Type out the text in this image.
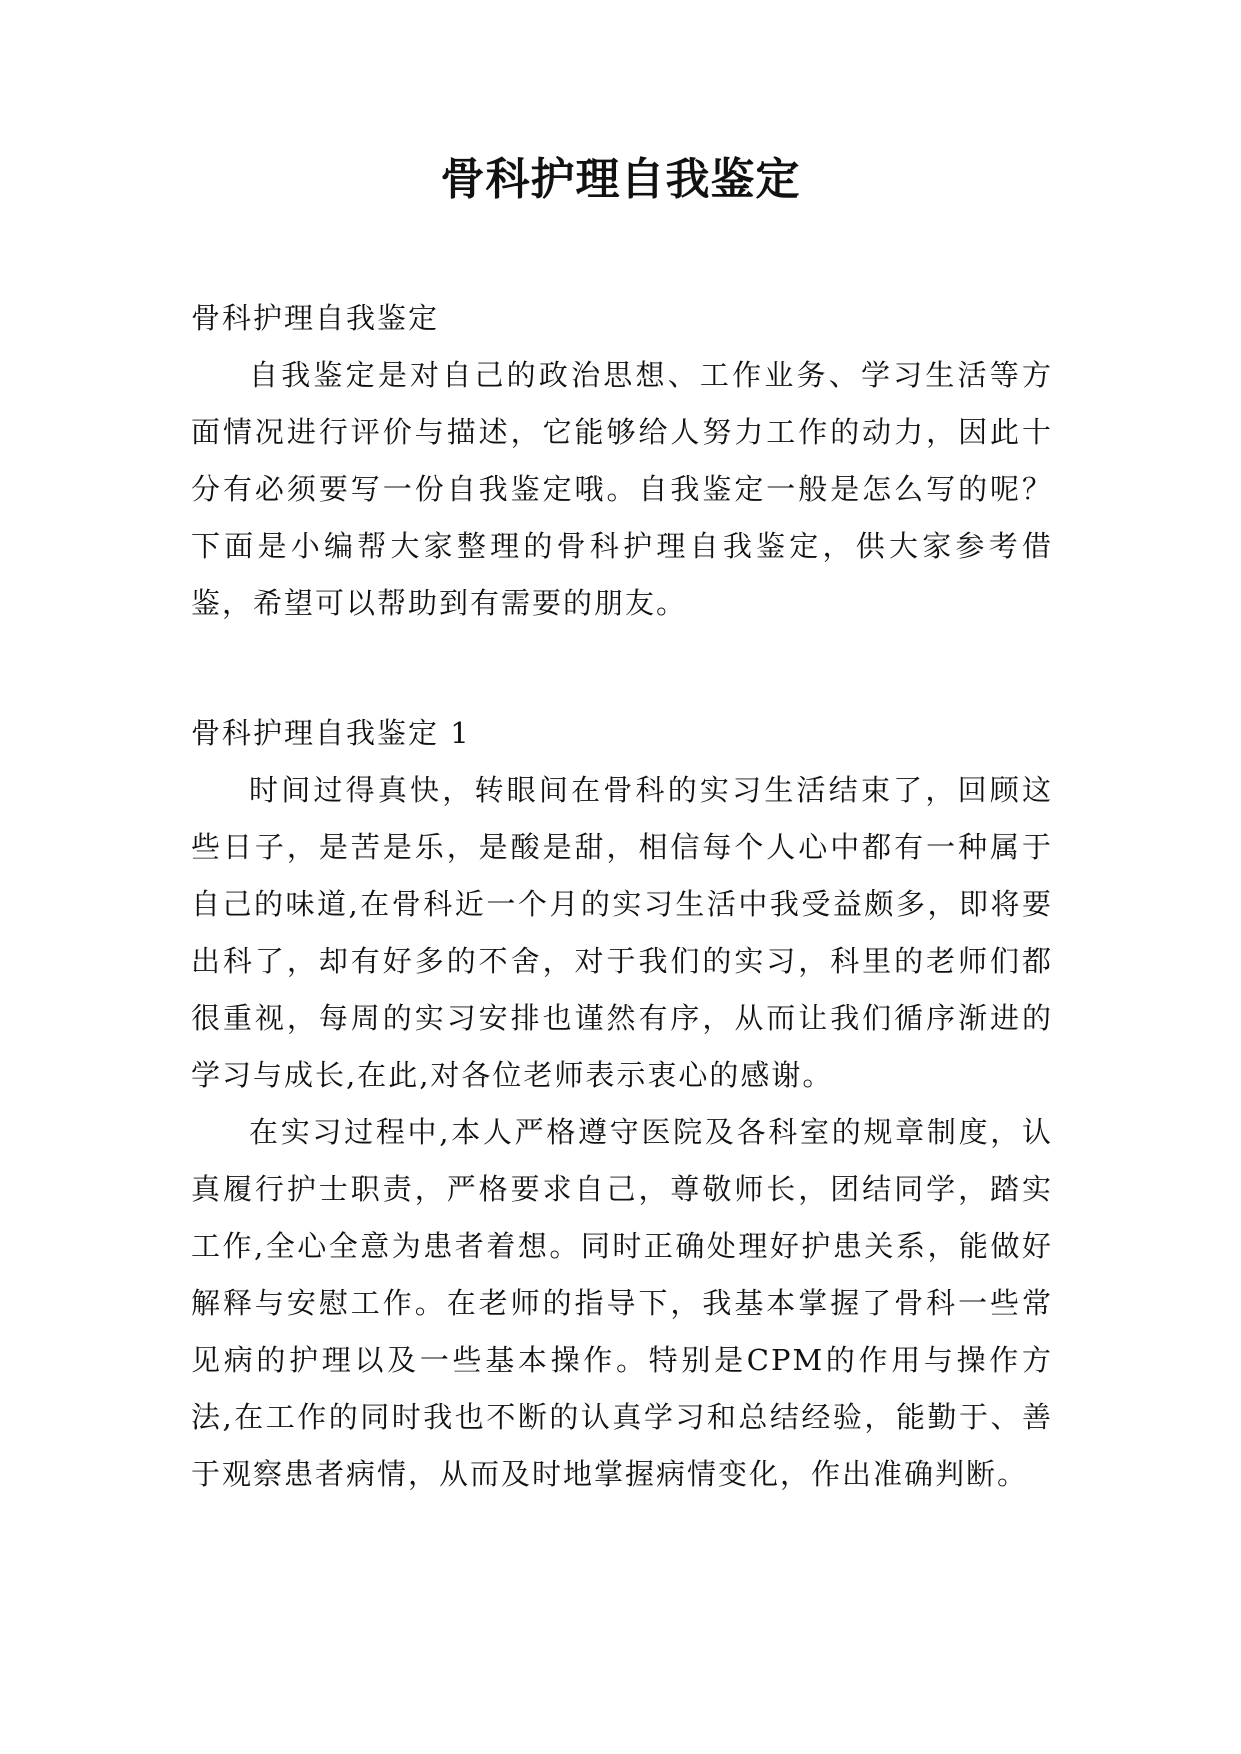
骨科护理自我鉴定

骨科护理自我鉴定

自我鉴定是对自己的政治思想、工作业务、学习生活等方面情况进行评价与描述，它能够给人努力工作的动力，因此十分有必须要写一份自我鉴定哦。自我鉴定一般是怎么写的呢？下面是小编帮大家整理的骨科护理自我鉴定，供大家参考借鉴，希望可以帮助到有需要的朋友。

骨科护理自我鉴定 1

时间过得真快，转眼间在骨科的实习生活结束了，回顾这些日子，是苦是乐，是酸是甜，相信每个人心中都有一种属于自己的味道,在骨科近一个月的实习生活中我受益颇多，即将要出科了，却有好多的不舍，对于我们的实习，科里的老师们都很重视，每周的实习安排也谨然有序，从而让我们循序渐进的学习与成长,在此,对各位老师表示衷心的感谢。

在实习过程中,本人严格遵守医院及各科室的规章制度，认真履行护士职责，严格要求自己，尊敬师长，团结同学，踏实工作,全心全意为患者着想。同时正确处理好护患关系，能做好解释与安慰工作。在老师的指导下，我基本掌握了骨科一些常见病的护理以及一些基本操作。特别是CPM的作用与操作方法,在工作的同时我也不断的认真学习和总结经验，能勤于、善于观察患者病情，从而及时地掌握病情变化，作出准确判断。
